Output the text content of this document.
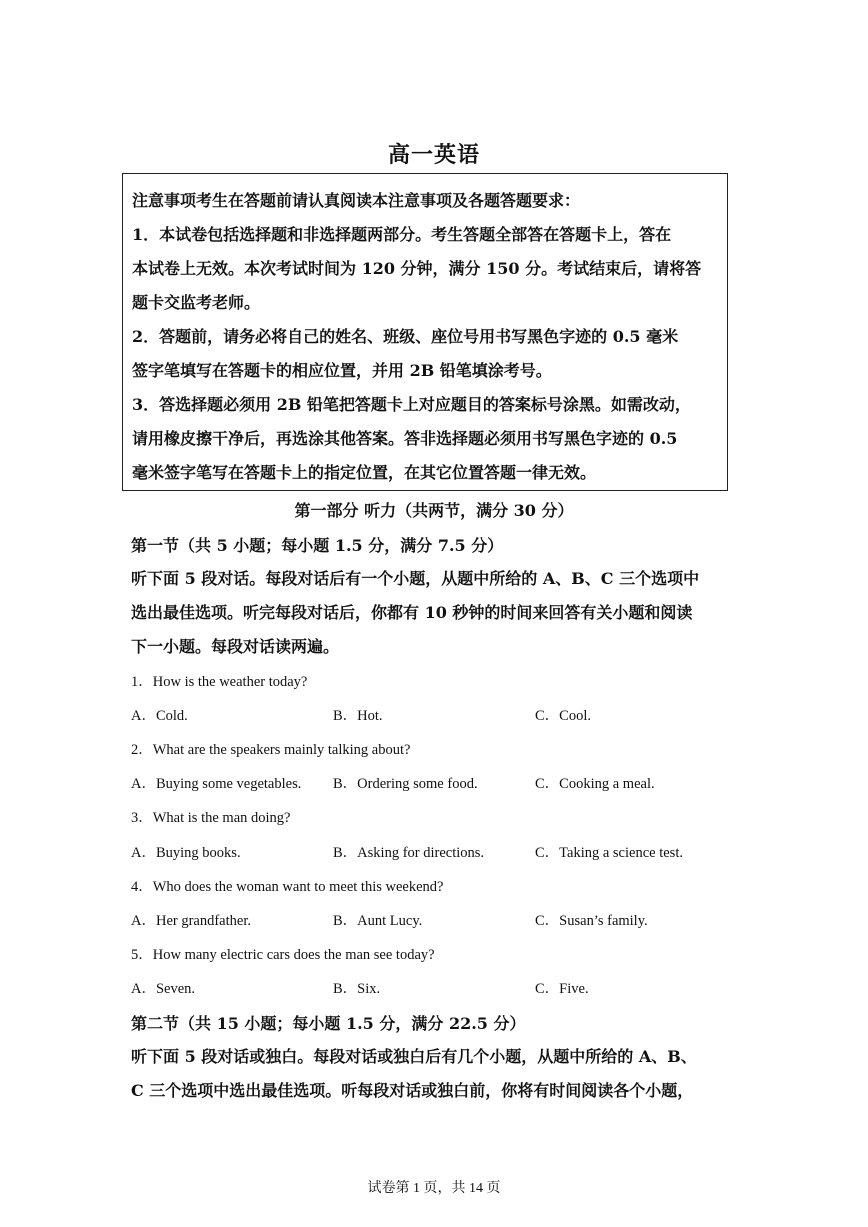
高一英语
注意事项考生在答题前请认真阅读本注意事项及各题答题要求：
1．本试卷包括选择题和非选择题两部分。考生答题全部答在答题卡上，答在
本试卷上无效。本次考试时间为 120 分钟，满分 150 分。考试结束后，请将答
题卡交监考老师。
2．答题前，请务必将自己的姓名、班级、座位号用书写黑色字迹的 0.5 毫米
签字笔填写在答题卡的相应位置，并用 2B 铅笔填涂考号。
3．答选择题必须用 2B 铅笔把答题卡上对应题目的答案标号涂黑。如需改动，
请用橡皮擦干净后，再选涂其他答案。答非选择题必须用书写黑色字迹的 0.5
毫米签字笔写在答题卡上的指定位置，在其它位置答题一律无效。
第一部分 听力（共两节，满分 30 分）
第一节（共 5 小题；每小题 1.5 分，满分 7.5 分）
听下面 5 段对话。每段对话后有一个小题，从题中所给的 A、B、C 三个选项中
选出最佳选项。听完每段对话后，你都有 10 秒钟的时间来回答有关小题和阅读
下一小题。每段对话读两遍。
1．How is the weather today?
A．Cold.	B．Hot.	C．Cool.
2．What are the speakers mainly talking about?
A．Buying some vegetables. B．Ordering some food.	C．Cooking a meal.
3．What is the man doing?
A．Buying books.	B．Asking for directions.	C．Taking a science test.
4．Who does the woman want to meet this weekend?
A．Her grandfather.	B．Aunt Lucy.	C．Susan’s family.
5．How many electric cars does the man see today?
A．Seven.	B．Six.	C．Five.
第二节（共 15 小题；每小题 1.5 分，满分 22.5 分）
听下面 5 段对话或独白。每段对话或独白后有几个小题，从题中所给的 A、B、
C 三个选项中选出最佳选项。听每段对话或独白前，你将有时间阅读各个小题，
试卷第 1 页，共 14 页
